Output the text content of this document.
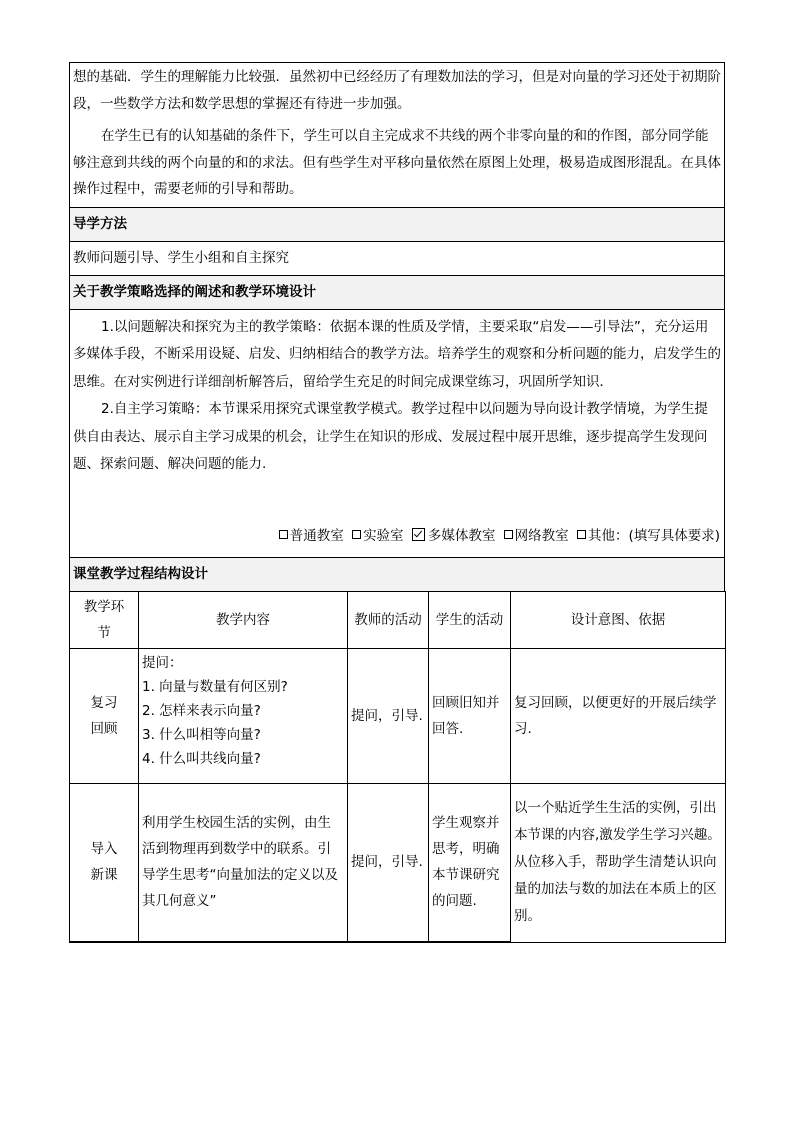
想的基础．学生的理解能力比较强．虽然初中已经经历了有理数加法的学习，但是对向量的学习还处于初期阶段，一些数学方法和数学思想的掌握还有待进一步加强。

在学生已有的认知基础的条件下，学生可以自主完成求不共线的两个非零向量的和的作图，部分同学能够注意到共线的两个向量的和的求法。但有些学生对平移向量依然在原图上处理，极易造成图形混乱。在具体操作过程中，需要老师的引导和帮助。

导学方法
教师问题引导、学生小组和自主探究
关于教学策略选择的阐述和教学环境设计

1.以问题解决和探究为主的教学策略：依据本课的性质及学情，主要采取“启发——引导法”，充分运用多媒体手段，不断采用设疑、启发、归纳相结合的教学方法。培养学生的观察和分析问题的能力，启发学生的思维。在对实例进行详细剖析解答后，留给学生充足的时间完成课堂练习，巩固所学知识．

2.自主学习策略：本节课采用探究式课堂教学模式。教学过程中以问题为导向设计教学情境，为学生提供自由表达、展示自主学习成果的机会，让学生在知识的形成、发展过程中展开思维，逐步提高学生发现问题、探索问题、解决问题的能力.

普通教室 实验室 多媒体教室 网络教室 其他：(填写具体要求)
课堂教学过程结构设计
教学环节	教学内容	教师的活动	学生的活动	设计意图、依据
复习回顾	提问：
1. 向量与数量有何区别?
2. 怎样来表示向量?
3. 什么叫相等向量?
4. 什么叫共线向量?	提问，引导.	回顾旧知并回答.	复习回顾，以便更好的开展后续学习.
导入新课	利用学生校园生活的实例，由生活到物理再到数学中的联系。引导学生思考“向量加法的定义以及其几何意义”	提问，引导.	学生观察并思考，明确本节课研究的问题.	以一个贴近学生生活的实例，引出本节课的内容,激发学生学习兴趣。从位移入手，帮助学生清楚认识向量的加法与数的加法在本质上的区别。
